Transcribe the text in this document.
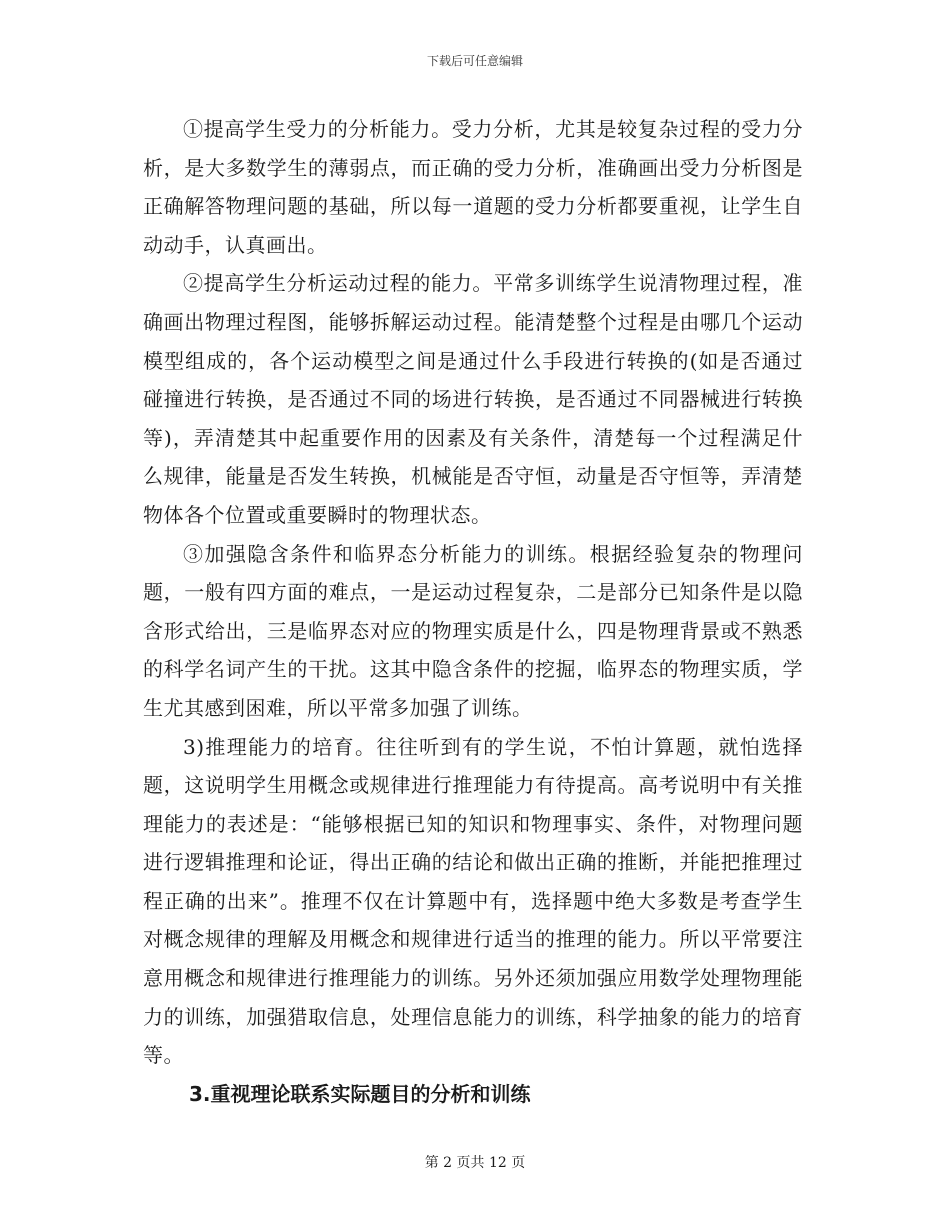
下载后可任意编辑

①提高学生受力的分析能力。受力分析，尤其是较复杂过程的受力分析，是大多数学生的薄弱点，而正确的受力分析，准确画出受力分析图是正确解答物理问题的基础，所以每一道题的受力分析都要重视，让学生自动动手，认真画出。

②提高学生分析运动过程的能力。平常多训练学生说清物理过程，准确画出物理过程图，能够拆解运动过程。能清楚整个过程是由哪几个运动模型组成的，各个运动模型之间是通过什么手段进行转换的(如是否通过碰撞进行转换，是否通过不同的场进行转换，是否通过不同器械进行转换等)，弄清楚其中起重要作用的因素及有关条件，清楚每一个过程满足什么规律，能量是否发生转换，机械能是否守恒，动量是否守恒等，弄清楚物体各个位置或重要瞬时的物理状态。

③加强隐含条件和临界态分析能力的训练。根据经验复杂的物理问题，一般有四方面的难点，一是运动过程复杂，二是部分已知条件是以隐含形式给出，三是临界态对应的物理实质是什么，四是物理背景或不熟悉的科学名词产生的干扰。这其中隐含条件的挖掘，临界态的物理实质，学生尤其感到困难，所以平常多加强了训练。

3)推理能力的培育。往往听到有的学生说，不怕计算题，就怕选择题，这说明学生用概念或规律进行推理能力有待提高。高考说明中有关推理能力的表述是：“能够根据已知的知识和物理事实、条件，对物理问题进行逻辑推理和论证，得出正确的结论和做出正确的推断，并能把推理过程正确的出来”。推理不仅在计算题中有，选择题中绝大多数是考查学生对概念规律的理解及用概念和规律进行适当的推理的能力。所以平常要注意用概念和规律进行推理能力的训练。另外还须加强应用数学处理物理能力的训练，加强猎取信息，处理信息能力的训练，科学抽象的能力的培育等。

3.重视理论联系实际题目的分析和训练

第 2 页共 12 页
